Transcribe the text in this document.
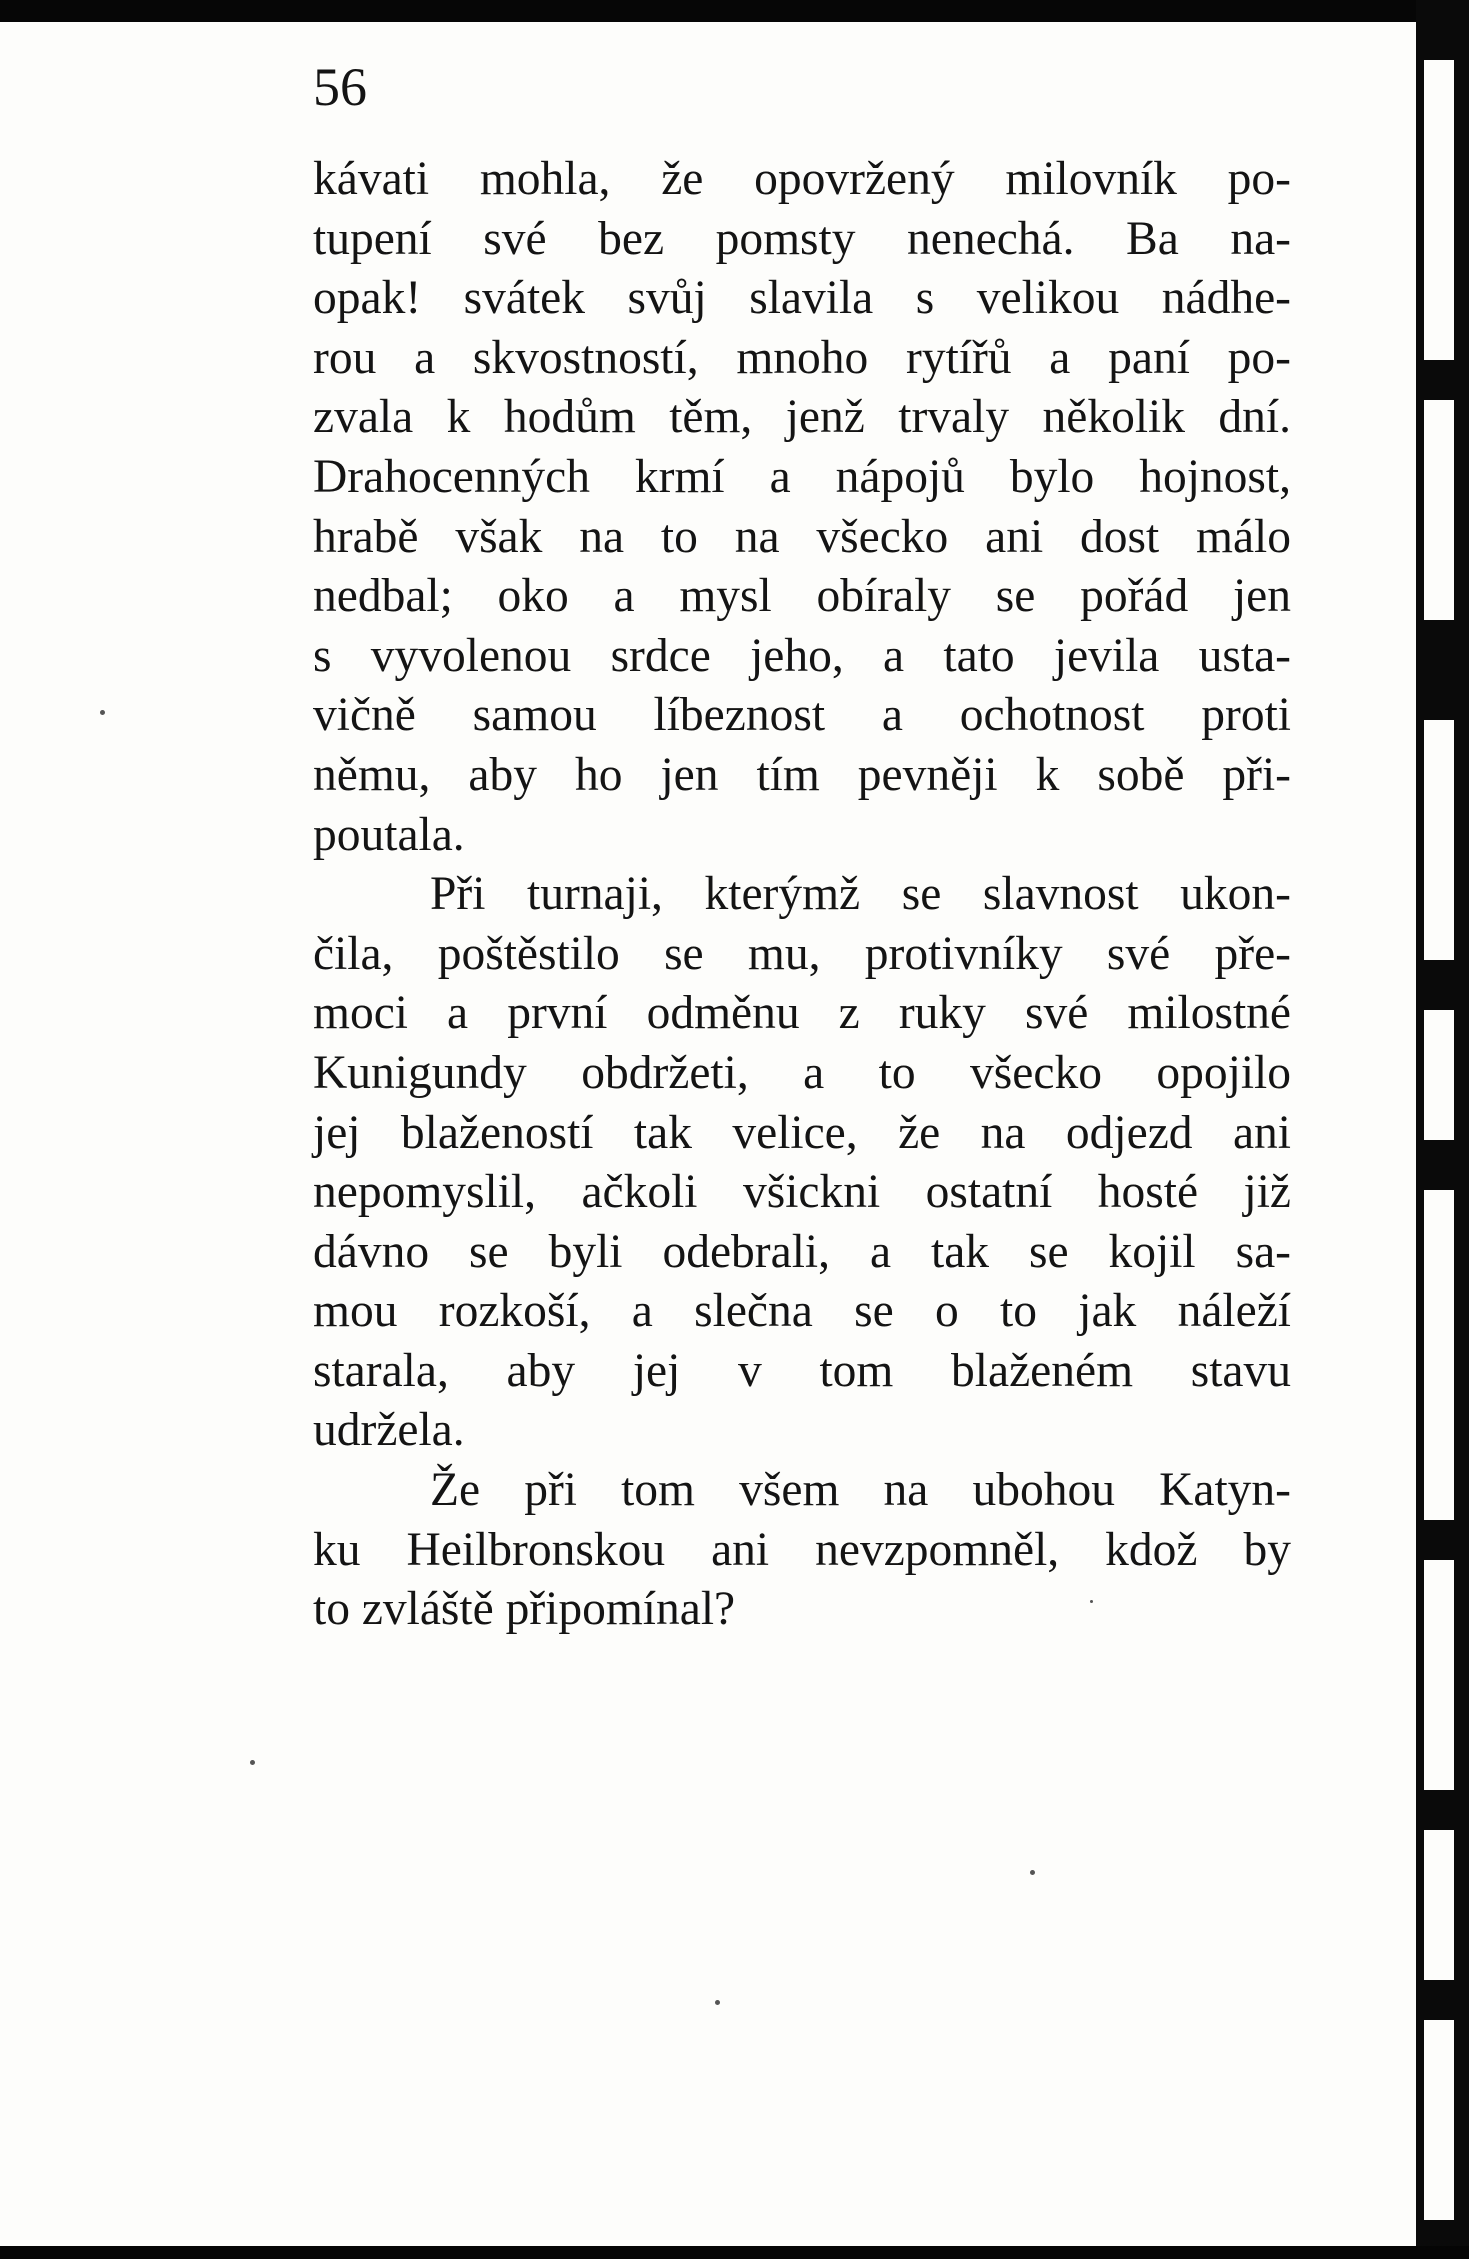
56
kávati mohla, že opovržený milovník po-
tupení své bez pomsty nenechá. Ba na-
opak! svátek svůj slavila s velikou nádhe-
rou a skvostností, mnoho rytířů a paní po-
zvala k hodům těm, jenž trvaly několik dní.
Drahocenných krmí a nápojů bylo hojnost,
hrabě však na to na všecko ani dost málo
nedbal; oko a mysl obíraly se pořád jen
s vyvolenou srdce jeho, a tato jevila usta-
vičně samou líbeznost a ochotnost proti
němu, aby ho jen tím pevněji k sobě při-
poutala.
Při turnaji, kterýmž se slavnost ukon-
čila, poštěstilo se mu, protivníky své pře-
moci a první odměnu z ruky své milostné
Kunigundy obdržeti, a to všecko opojilo
jej blažeností tak velice, že na odjezd ani
nepomyslil, ačkoli všickni ostatní hosté již
dávno se byli odebrali, a tak se kojil sa-
mou rozkoší, a slečna se o to jak náleží
starala, aby jej v tom blaženém stavu
udržela.
Že při tom všem na ubohou Katyn-
ku Heilbronskou ani nevzpomněl, kdož by
to zvláště připomínal?
